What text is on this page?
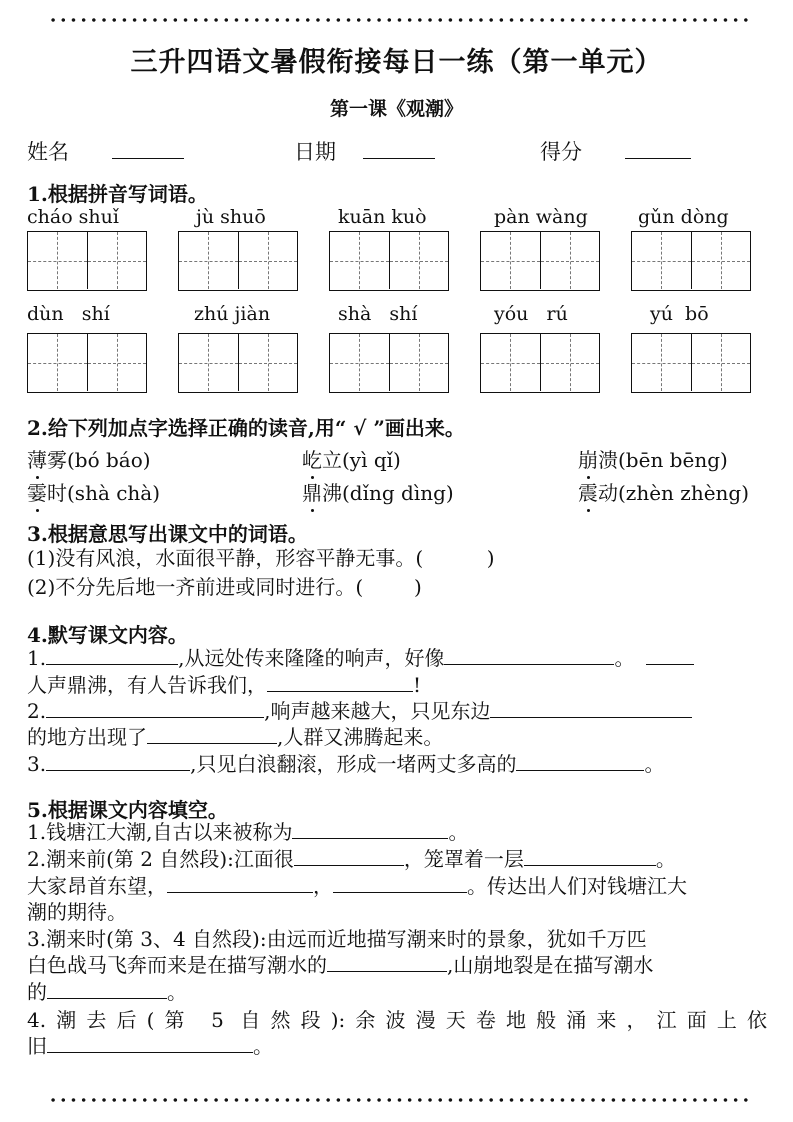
三升四语文暑假衔接每日一练（第一单元）
第一课《观潮》
姓名	日期	得分
1.根据拼音写词语。
cháo shuǐ	jù shuō	kuān kuò	pàn wàng	gǔn dòng
dùn   shí	zhú jiàn	shà   shí	yóu   rú	yú  bō
2.给下列加点字选择正确的读音,用“ √ ”画出来。
薄雾(bó báo)	屹立(yì qǐ)	崩溃(bēn bēng)
霎时(shà chà)	鼎沸(dǐng dìng)	震动(zhèn zhèng)
3.根据意思写出课文中的词语。
(1)没有风浪，水面很平静，形容平静无事。(          )
(2)不分先后地一齐前进或同时进行。(        )
4.默写课文内容。
1.	,从远处传来隆隆的响声，好像	。
人声鼎沸，有人告诉我们，	!
2.	,响声越来越大，只见东边
的地方出现了	,人群又沸腾起来。
3.	,只见白浪翻滚，形成一堵两丈多高的	。
5.根据课文内容填空。
1.钱塘江大潮,自古以来被称为	。
2.潮来前(第 2 自然段):江面很	，笼罩着一层	。
大家昂首东望，	，	。传达出人们对钱塘江大
潮的期待。
3.潮来时(第 3、4 自然段):由远而近地描写潮来时的景象，犹如千万匹
白色战马飞奔而来是在描写潮水的	,山崩地裂是在描写潮水
的	。
4.潮去后(第 5 自然段):余波漫天卷地般涌来，江面上依
旧	。
